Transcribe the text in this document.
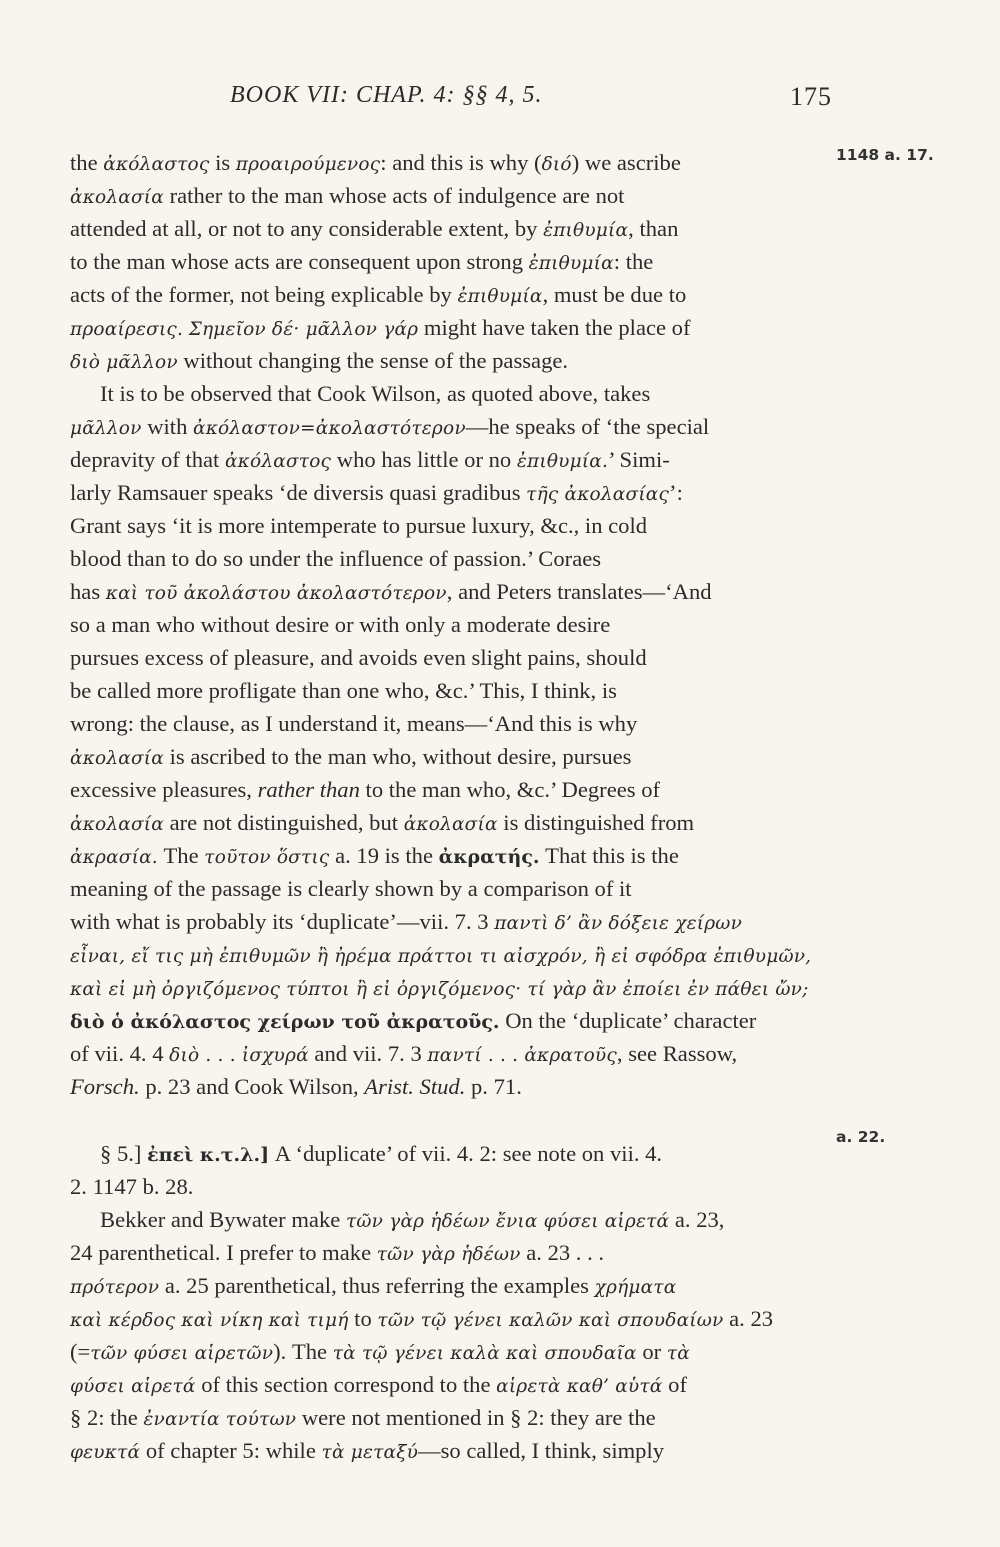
BOOK VII: CHAP. 4: §§ 4, 5.	175
1148 a. 17.
a. 22.
the ἀκόλαστος is προαιρούμενος: and this is why (διό) we ascribe
ἀκολασία rather to the man whose acts of indulgence are not
attended at all, or not to any considerable extent, by ἐπιθυμία, than
to the man whose acts are consequent upon strong ἐπιθυμία: the
acts of the former, not being explicable by ἐπιθυμία, must be due to
προαίρεσις. Σημεῖον δέ· μᾶλλον γάρ might have taken the place of
διὸ μᾶλλον without changing the sense of the passage.
It is to be observed that Cook Wilson, as quoted above, takes
μᾶλλον with ἀκόλαστον=ἀκολαστότερον—he speaks of ‘the special
depravity of that ἀκόλαστος who has little or no ἐπιθυμία.’ Simi-
larly Ramsauer speaks ‘de diversis quasi gradibus τῆς ἀκολασίας’:
Grant says ‘it is more intemperate to pursue luxury, &c., in cold
blood than to do so under the influence of passion.’ Coraes
has καὶ τοῦ ἀκολάστου ἀκολαστότερον, and Peters translates—‘And
so a man who without desire or with only a moderate desire
pursues excess of pleasure, and avoids even slight pains, should
be called more profligate than one who, &c.’ This, I think, is
wrong: the clause, as I understand it, means—‘And this is why
ἀκολασία is ascribed to the man who, without desire, pursues
excessive pleasures, rather than to the man who, &c.’ Degrees of
ἀκολασία are not distinguished, but ἀκολασία is distinguished from
ἀκρασία. The τοῦτον ὅστις a. 19 is the ἀκρατής. That this is the
meaning of the passage is clearly shown by a comparison of it
with what is probably its ‘duplicate’—vii. 7. 3 παντὶ δ’ ἂν δόξειε χείρων
εἶναι, εἴ τις μὴ ἐπιθυμῶν ἢ ἠρέμα πράττοι τι αἰσχρόν, ἢ εἰ σφόδρα ἐπιθυμῶν,
καὶ εἰ μὴ ὀργιζόμενος τύπτοι ἢ εἰ ὀργιζόμενος· τί γὰρ ἂν ἐποίει ἐν πάθει ὤν;
διὸ ὁ ἀκόλαστος χείρων τοῦ ἀκρατοῦς. On the ‘duplicate’ character
of vii. 4. 4 διὸ . . . ἰσχυρά and vii. 7. 3 παντί . . . ἀκρατοῦς, see Rassow,
Forsch. p. 23 and Cook Wilson, Arist. Stud. p. 71.
§ 5.] ἐπεὶ κ.τ.λ.] A ‘duplicate’ of vii. 4. 2: see note on vii. 4.
2. 1147 b. 28.
Bekker and Bywater make τῶν γὰρ ἡδέων ἔνια φύσει αἱρετά a. 23,
24 parenthetical. I prefer to make τῶν γὰρ ἡδέων a. 23 . . .
πρότερον a. 25 parenthetical, thus referring the examples χρήματα
καὶ κέρδος καὶ νίκη καὶ τιμή to τῶν τῷ γένει καλῶν καὶ σπουδαίων a. 23
(=τῶν φύσει αἱρετῶν). The τὰ τῷ γένει καλὰ καὶ σπουδαῖα or τὰ
φύσει αἱρετά of this section correspond to the αἱρετὰ καθ’ αὑτά of
§ 2: the ἐναντία τούτων were not mentioned in § 2: they are the
φευκτά of chapter 5: while τὰ μεταξύ—so called, I think, simply
